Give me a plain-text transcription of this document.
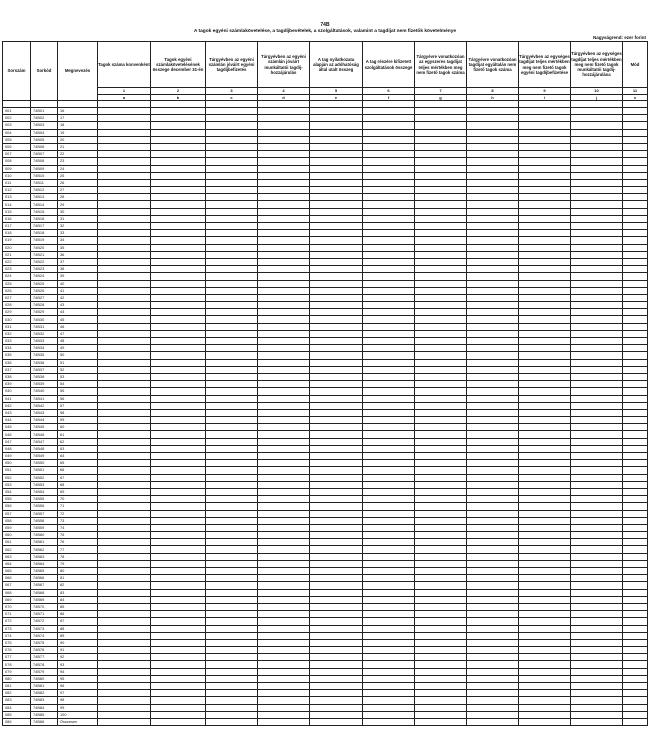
74B
A tagok egyéni számlakövetelése, a tagdíjbevételek, a szolgáltatások, valamint a tagdíjat nem fizetők követelménye
Nagyságrend: ezer forint
Sorszám	Sorkód	Megnevezés	Tagok száma konvenként	Tagok egyéni számlakövetelésének összege december 31-én	Tárgyévben az egyéni számlán jóváírt egyéni tagdíjbefizetés	Tárgyévben az egyéni számlán jóváírt munkáltatói tagdíj-hozzájárulás	A tag nyilatkozata alapján az adóhatóság által utalt összeg	A tag részére kifizetett szolgáltatások összege	Tárgyévre vonatkozóan az egyszeres tagdíjat teljes mértékben meg nem fizető tagok száma	Tárgyévre vonatkozóan tagdíjat egyáltalán nem fizető tagok száma	Tárgyévben az egységes tagdíjat teljes mértékben meg nem fizető tagok egyéni tagdíjbefizetése	Tárgyévben az egységes tagdíjat teljes mértékben meg nem fizető tagok munkáltatói tagdíj-hozzájárulása	Mód
			1	2	3	4	5	6	7	8	9	10	11
			a	b	c	d	e	f	g	h	i	j	x

001	74B01	16											
002	74B02	17											
003	74B03	18											
004	74B04	19											
005	74B05	20											
006	74B06	21											
007	74B07	22											
008	74B08	23											
009	74B09	24											
010	74B10	25											
011	74B11	26											
012	74B12	27											
013	74B13	28											
014	74B14	29											
015	74B15	30											
016	74B16	31											
017	74B17	32											
018	74B18	33											
019	74B19	34											
020	74B20	35											
021	74B21	36											
022	74B22	37											
023	74B23	38											
024	74B24	39											
025	74B25	40											
026	74B26	41											
027	74B27	42											
028	74B28	43											
029	74B29	44											
030	74B30	45											
031	74B31	46											
032	74B32	47											
033	74B33	48											
034	74B34	49											
035	74B35	50											
036	74B36	51											
037	74B37	52											
038	74B38	53											
039	74B39	54											
040	74B40	55											
041	74B41	56											
042	74B42	57											
043	74B43	58											
044	74B44	59											
045	74B45	60											
046	74B46	61											
047	74B47	62											
048	74B48	63											
049	74B49	64											
050	74B50	65											
051	74B51	66											
052	74B52	67											
053	74B53	68											
054	74B54	69											
055	74B55	70											
056	74B56	71											
057	74B57	72											
058	74B58	73											
059	74B59	74											
060	74B60	75											
061	74B61	76											
062	74B62	77											
063	74B63	78											
064	74B64	79											
065	74B65	80											
066	74B66	81											
067	74B67	82											
068	74B68	83											
069	74B69	84											
070	74B70	85											
071	74B71	86											
072	74B72	87											
073	74B73	88											
074	74B74	89											
075	74B75	90											
076	74B76	91											
077	74B77	92											
078	74B78	93											
079	74B79	94											
080	74B80	95											
081	74B81	96											
082	74B82	97											
083	74B83	98											
084	74B84	99											
085	74B85	100											
086	74B86	Összesen											
